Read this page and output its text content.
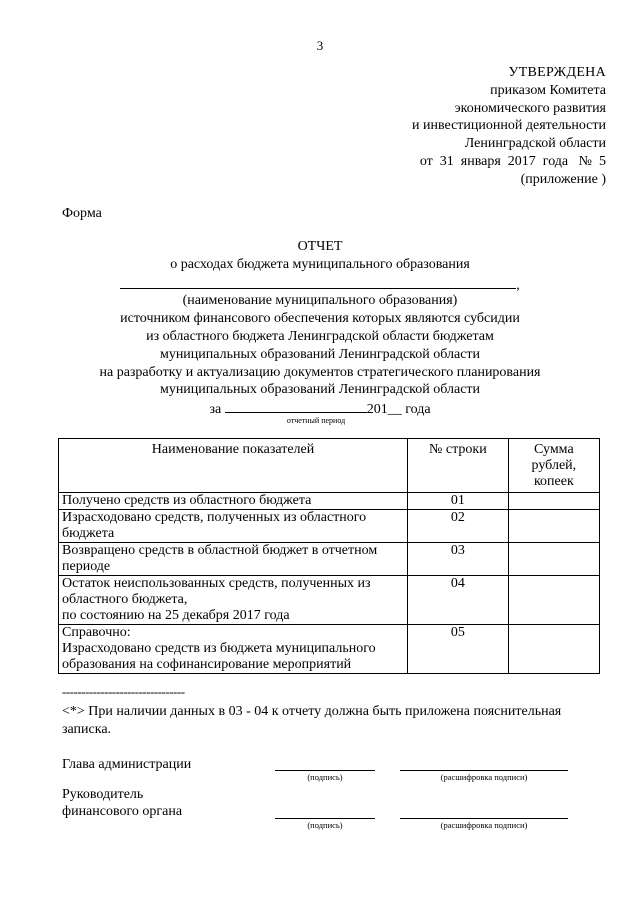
3
УТВЕРЖДЕНА
приказом Комитета
экономического развития
и инвестиционной деятельности
Ленинградской области
от  31  января  2017  года   №  5
(приложение )
Форма
ОТЧЕТ
о расходах бюджета муниципального образования
,
(наименование муниципального образования)
источником финансового обеспечения которых являются субсидии
из областного бюджета Ленинградской области бюджетам
муниципальных образований Ленинградской области
на разработку и актуализацию документов стратегического планирования
муниципальных образований Ленинградской области
за	201__ года
отчетный период
Наименование показателей	№ строки	Сумма рублей, копеек
Получено средств из областного бюджета	01	
Израсходовано средств, полученных из областного бюджета	02	
Возвращено средств в областной бюджет в отчетном периоде	03	
Остаток неиспользованных средств, полученных из областного бюджета,
по состоянию на 25 декабря 2017 года	04	
Справочно:
Израсходовано средств из бюджета муниципального образования на софинансирование мероприятий	05	
--------------------------------
<*> При наличии данных в 03 - 04 к отчету должна быть приложена пояснительная записка.
Глава администрации
(подпись)	(расшифровка подписи)
Руководитель
финансового органа
(подпись)	(расшифровка подписи)
